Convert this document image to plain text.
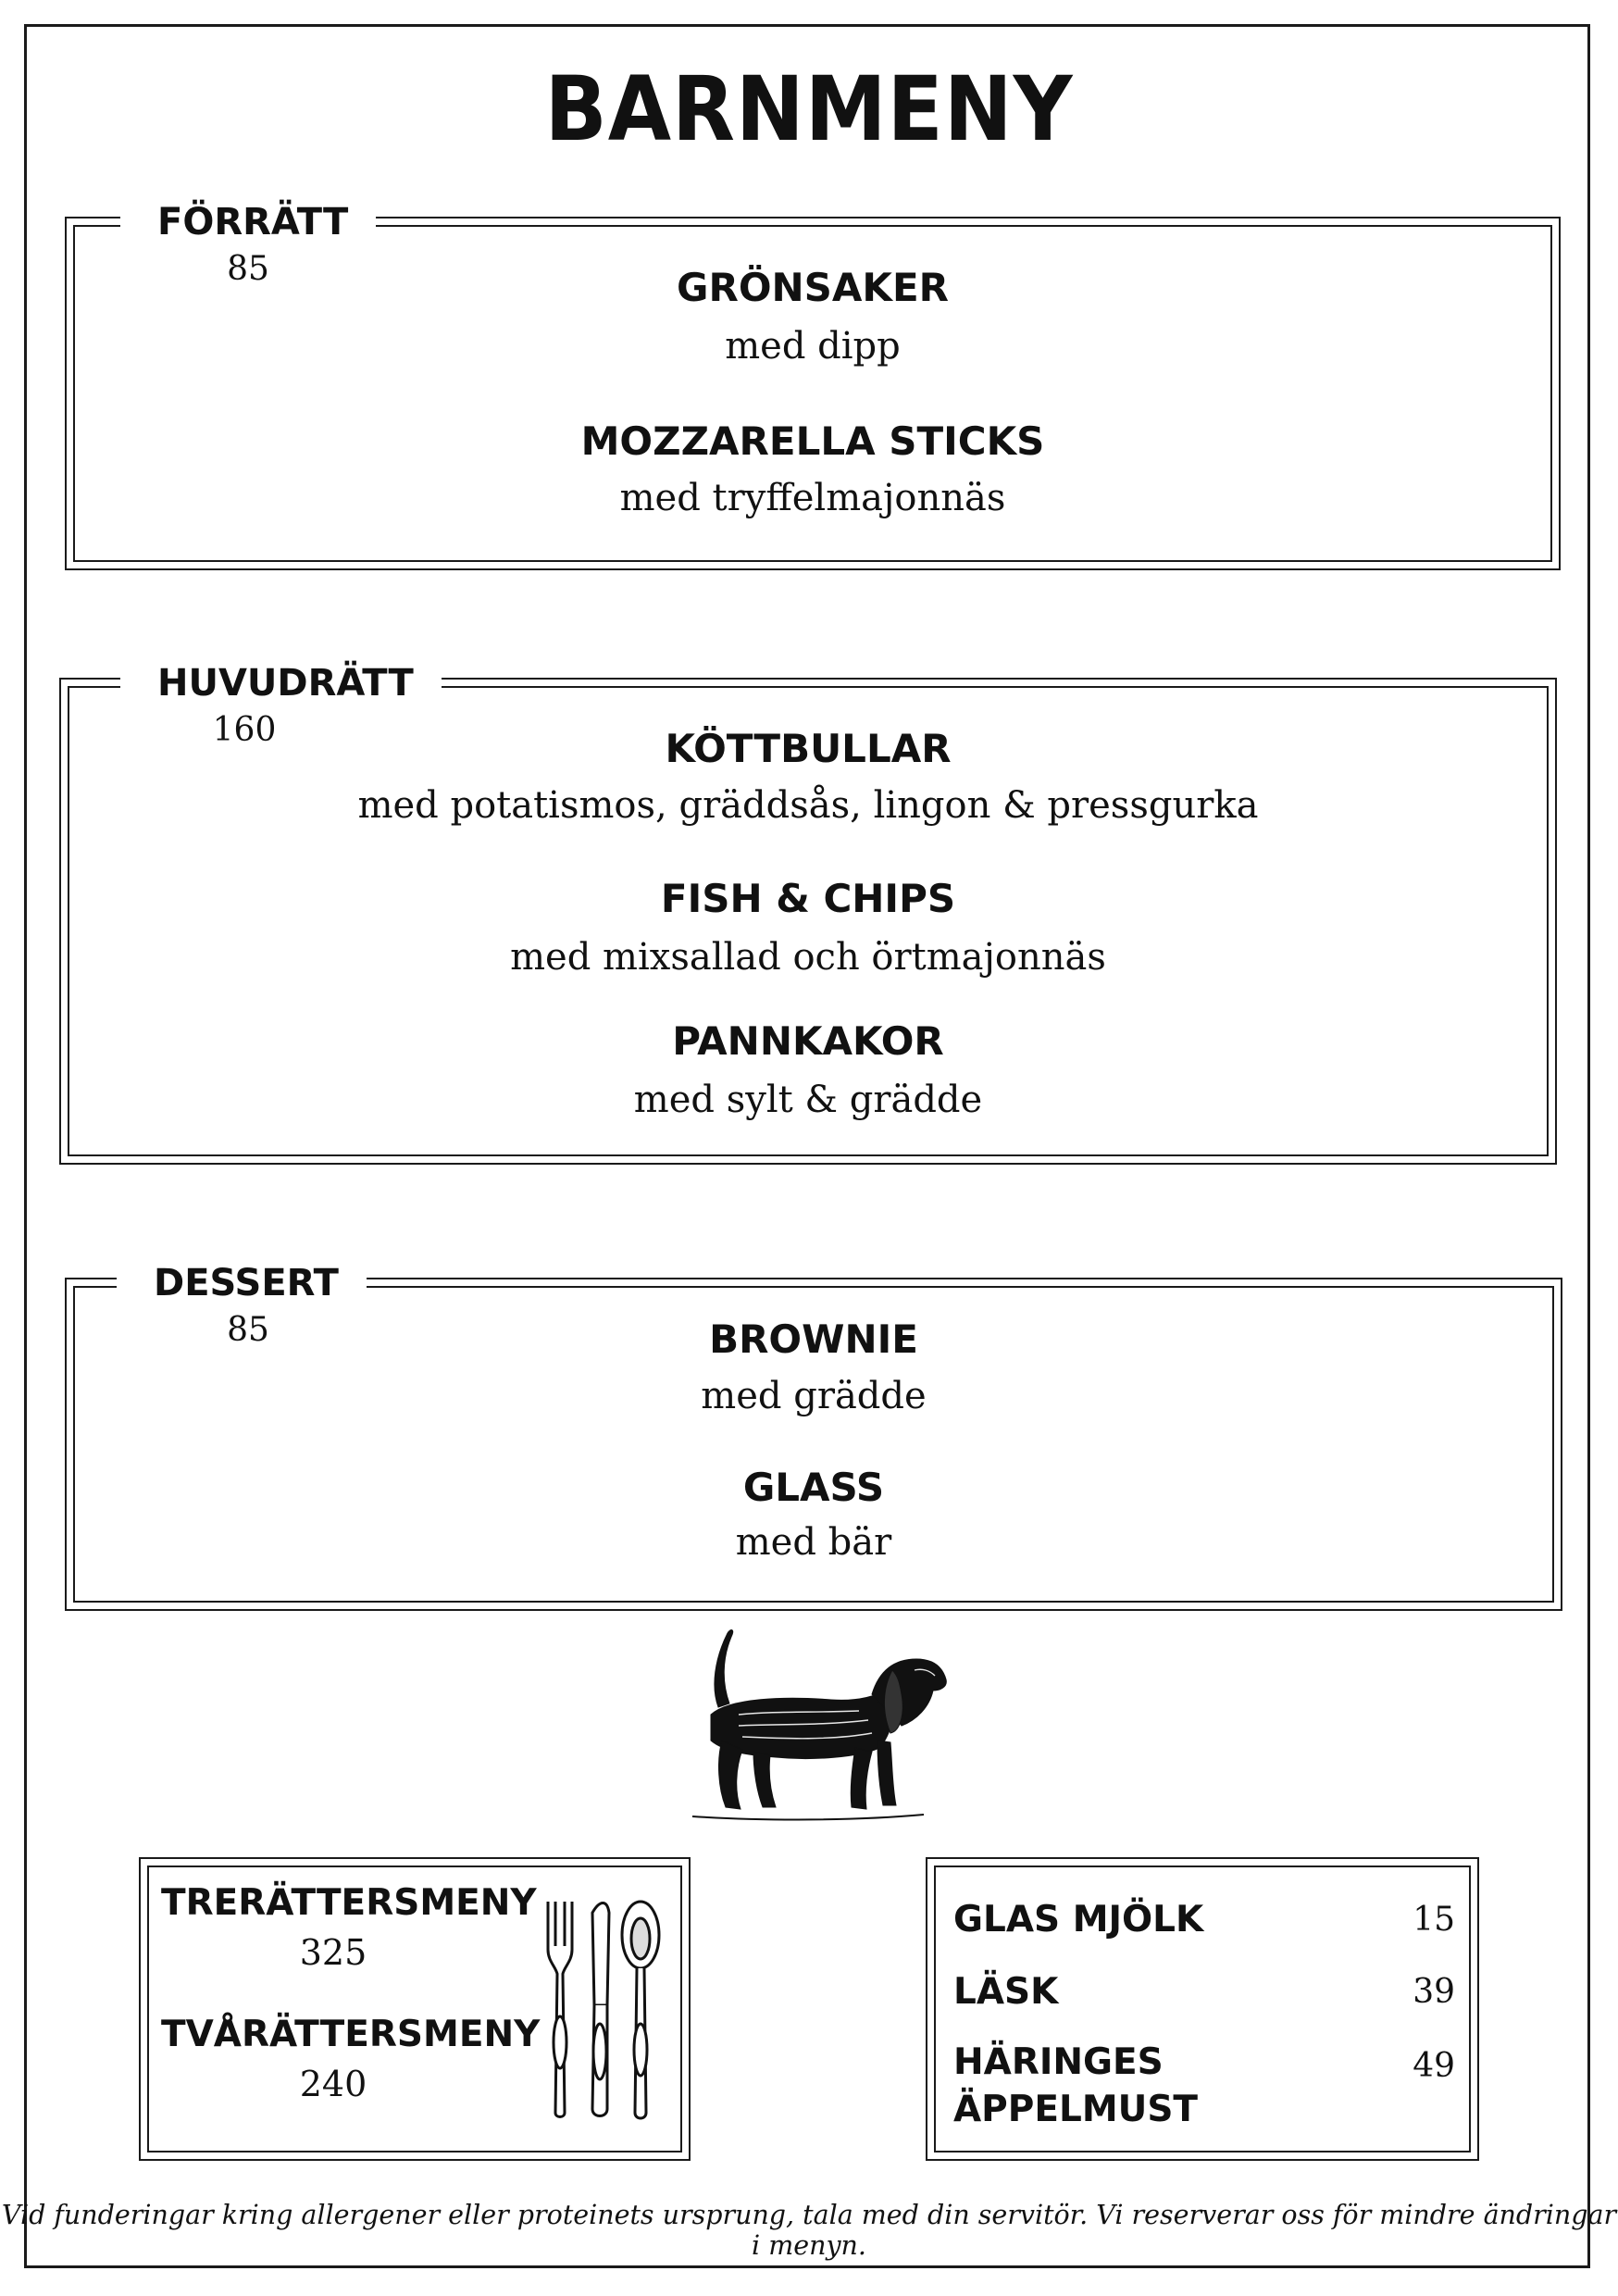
BARNMENY
FÖRRÄTT
85	GRÖNSAKER
med dipp
MOZZARELLA STICKS
med tryffelmajonnäs
HUVUDRÄTT
160	KÖTTBULLAR
med potatismos, gräddsås, lingon & pressgurka
FISH & CHIPS
med mixsallad och örtmajonnäs
PANNKAKOR
med sylt & grädde
DESSERT
85	BROWNIE
med grädde
GLASS
med bär
TRERÄTTERSMENY
325
TVÅRÄTTERSMENY
240
GLAS MJÖLK	15
LÄSK	39
HÄRINGES ÄPPELMUST
49
Vid funderingar kring allergener eller proteinets ursprung, tala med din servitör. Vi reserverar oss för mindre ändringar i menyn.
